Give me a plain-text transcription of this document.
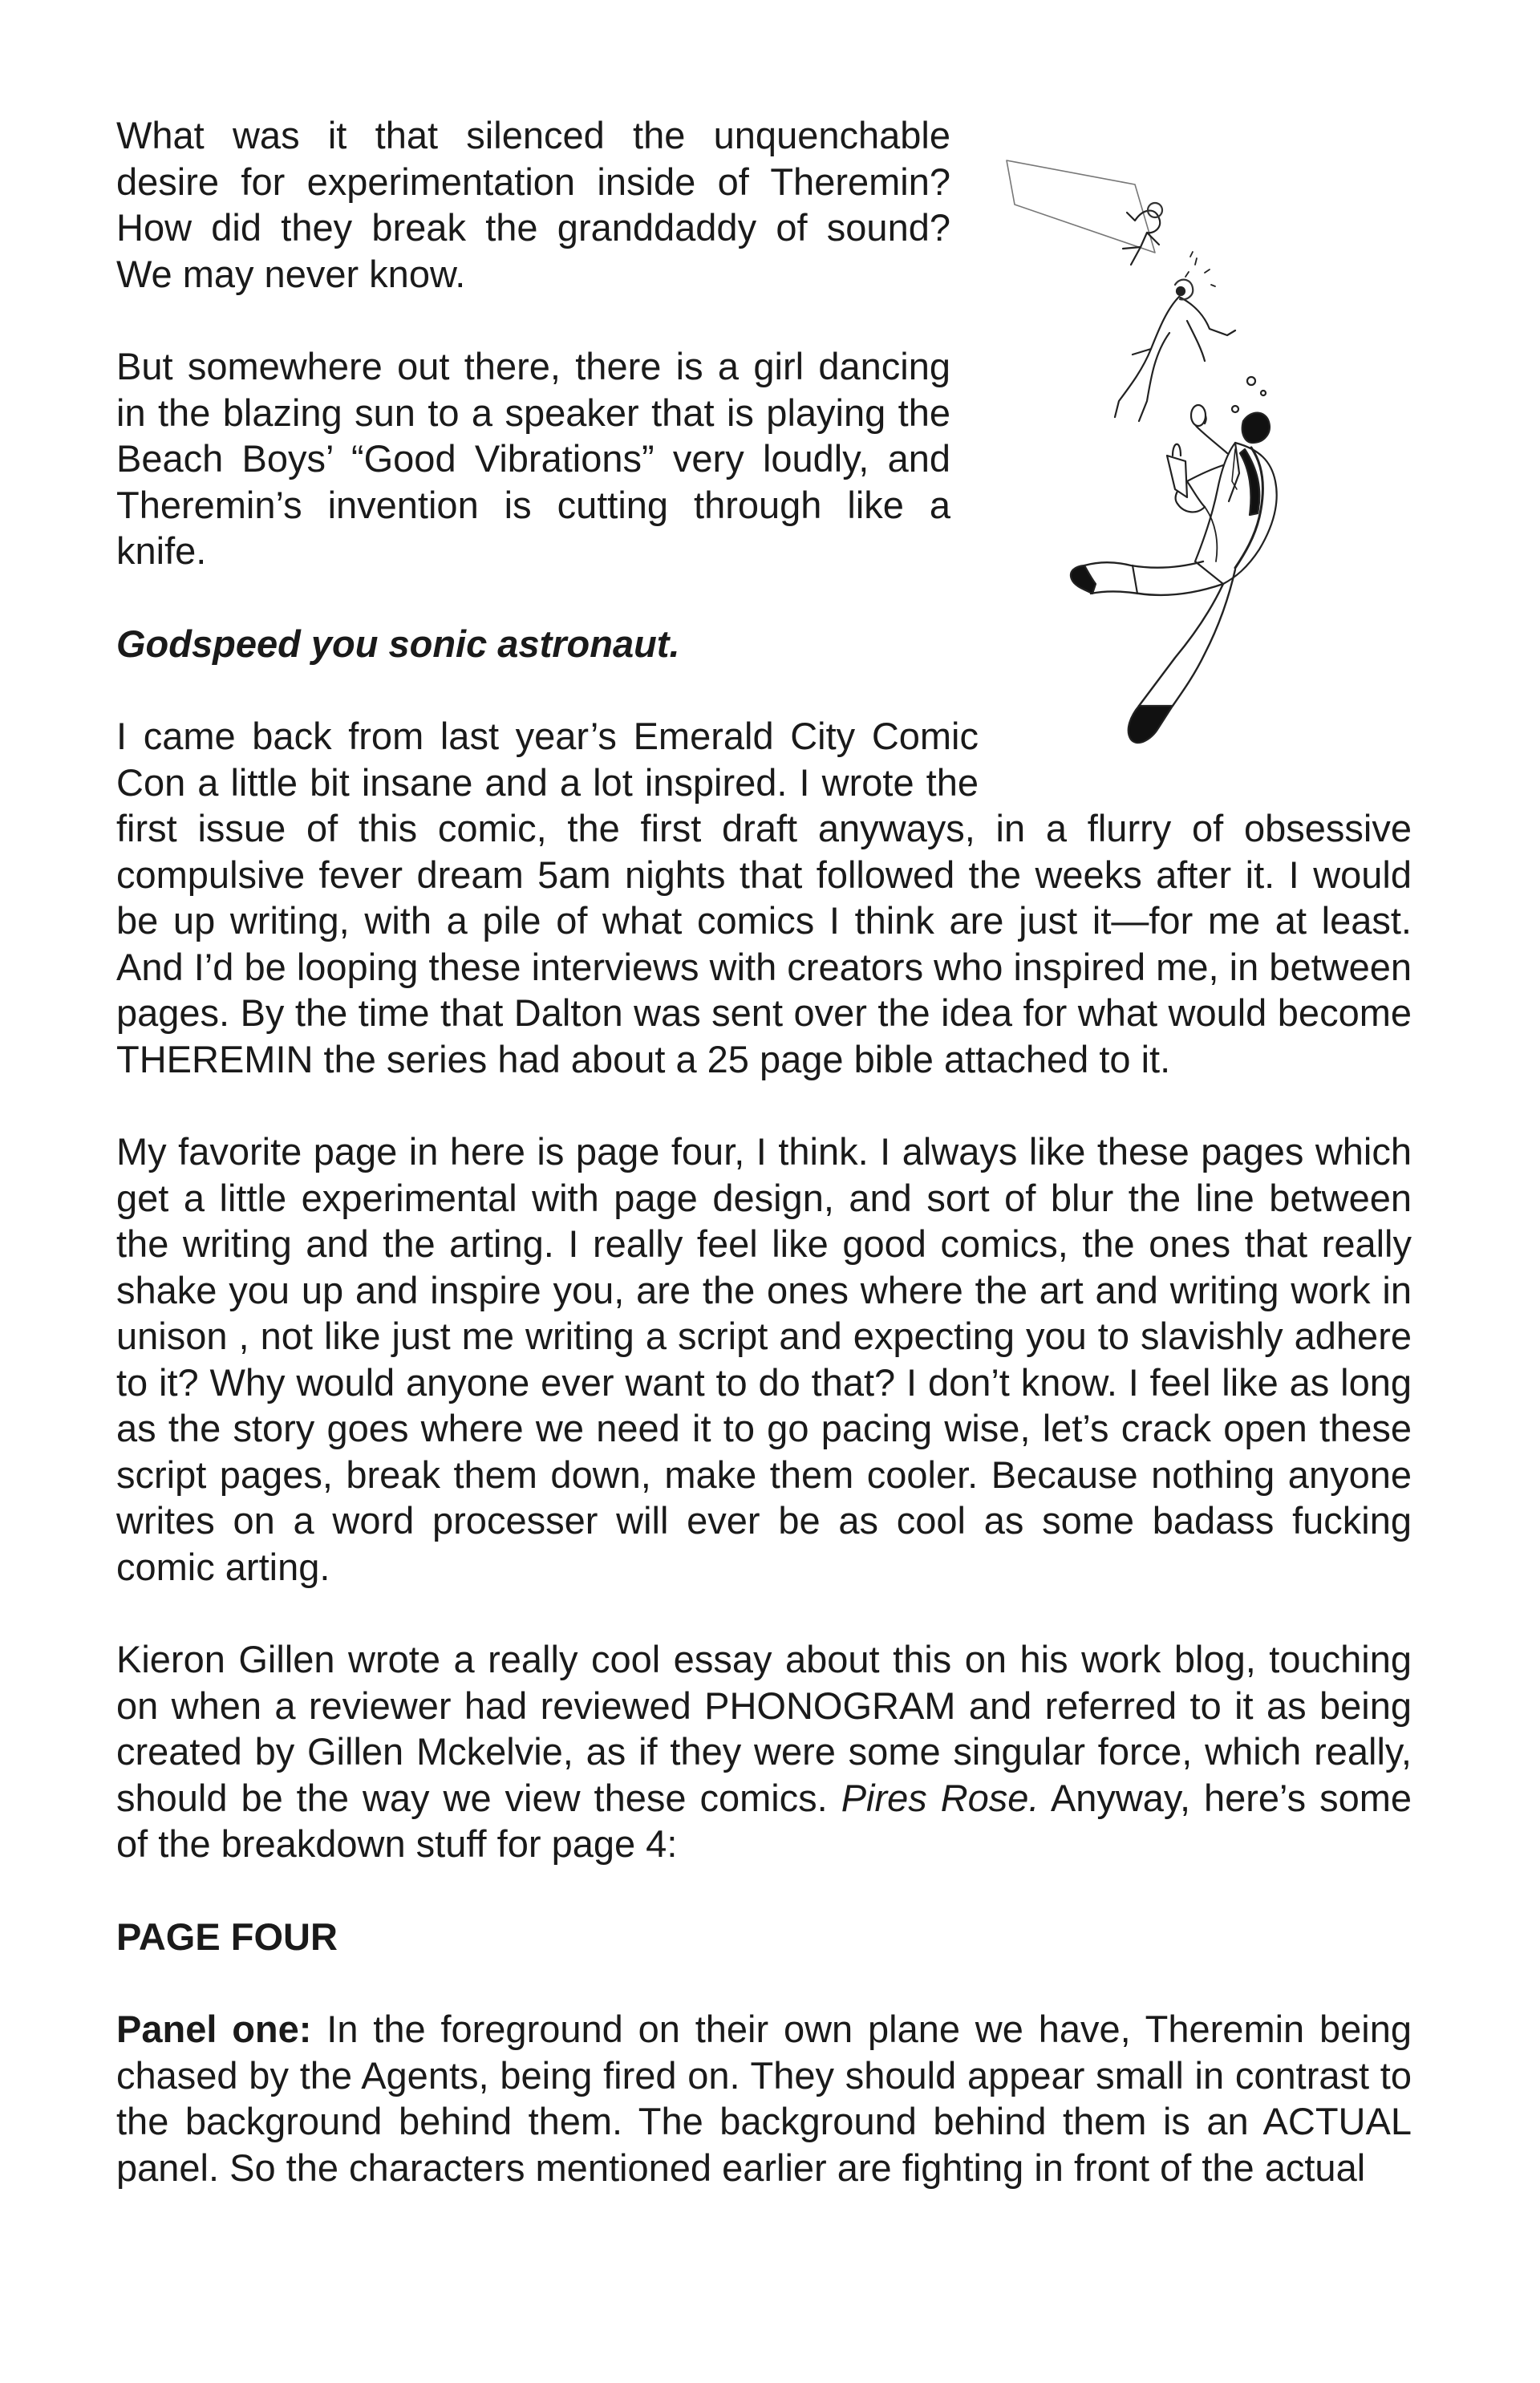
What was it that silenced the unquenchable desire for experimentation inside of Theremin? How did they break the granddaddy of sound? We may never know.

But somewhere out there, there is a girl dancing in the blazing sun to a speaker that is playing the Beach Boys’ “Good Vibrations” very loudly, and Theremin’s invention is cutting through like a knife.

Godspeed you sonic astronaut.

I came back from last year’s Emerald City Comic Con a little bit insane and a lot inspired. I wrote the first issue of this comic, the first draft anyways, in a flurry of obsessive compulsive fever dream 5am nights that followed the weeks after it. I would be up writing, with a pile of what comics I think are just it—for me at least. And I’d be looping these interviews with creators who inspired me, in between pages. By the time that Dalton was sent over the idea for what would become THEREMIN the series had about a 25 page bible attached to it.

My favorite page in here is page four, I think. I always like these pages which get a little experimental with page design, and sort of blur the line between the writing and the arting. I really feel like good comics, the ones that really shake you up and inspire you, are the ones where the art and writing work in unison , not like just me writing a script and expecting you to slavishly adhere to it? Why would anyone ever want to do that? I don’t know. I feel like as long as the story goes where we need it to go pacing wise, let’s crack open these script pages, break them down, make them cooler. Because nothing anyone writes on a word processer will ever be as cool as some badass fucking comic arting.

Kieron Gillen wrote a really cool essay about this on his work blog, touching on when a reviewer had reviewed PHONOGRAM and referred to it as being created by Gillen Mckelvie, as if they were some singular force, which really, should be the way we view these comics. Pires Rose. Anyway, here’s some of the breakdown stuff for page 4:

PAGE FOUR

Panel one: In the foreground on their own plane we have, Theremin being chased by the Agents, being fired on. They should appear small in contrast to the background behind them. The background behind them is an ACTUAL panel. So the characters mentioned earlier are fighting in front of the actual
